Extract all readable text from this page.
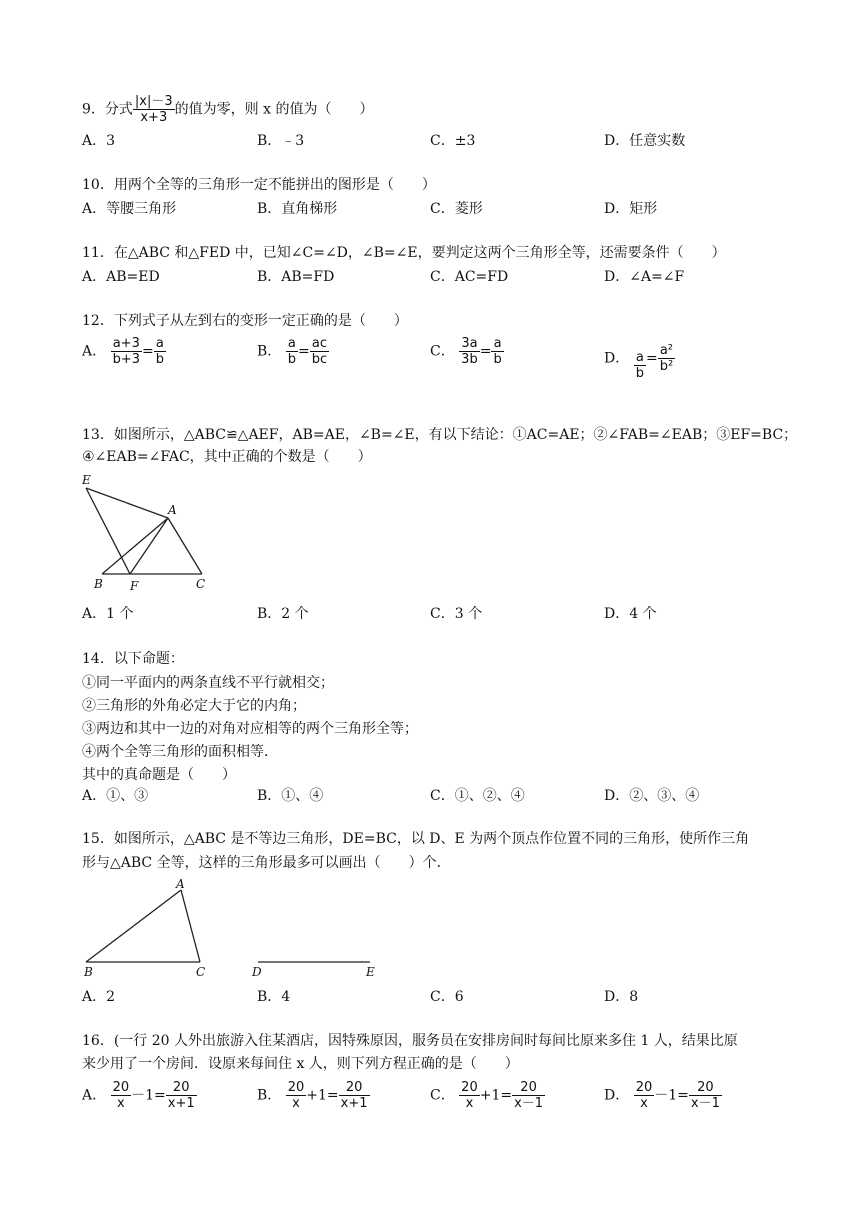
9．分式 $\frac{|x|-3}{x+3}$ 的值为零，则 x 的值为（　　）
A．3	B．﹣3	C．±3	D．任意实数
10．用两个全等的三角形一定不能拼出的图形是（　　）
A．等腰三角形	B．直角梯形	C．菱形	D．矩形
11．在△ABC 和△FED 中，已知∠C=∠D，∠B=∠E，要判定这两个三角形全等，还需要条件（　　）
A．AB=ED	B．AB=FD	C．AC=FD	D．∠A=∠F
12．下列式子从左到右的变形一定正确的是（　　）
A． $\frac{a+3}{b+3} = \frac{a}{b}$	B． $\frac{a}{b} = \frac{ac}{bc}$	C． $\frac{3a}{3b} = \frac{a}{b}$	D． $\frac{a}{b} = \frac{\text{a²}}{\text{b²}}$
13．如图所示，△ABC≌△AEF，AB=AE，∠B=∠E，有以下结论：①AC=AE；②∠FAB=∠EAB；③EF=BC；
④∠EAB=∠FAC，其中正确的个数是（　　）
E
A
B F	C
A．1 个	B．2 个	C．3 个	D．4 个
14．以下命题：
①同一平面内的两条直线不平行就相交；
②三角形的外角必定大于它的内角；
③两边和其中一边的对角对应相等的两个三角形全等；
④两个全等三角形的面积相等．
其中的真命题是（　　）
A．①、③	B．①、④	C．①、②、④	D．②、③、④
15．如图所示，△ABC 是不等边三角形，DE=BC，以 D、E 为两个顶点作位置不同的三角形，使所作三角
形与△ABC 全等，这样的三角形最多可以画出（　　）个．
A
B	C	D	E
A．2	B．4	C．6	D．8
16．(一行 20 人外出旅游入住某酒店，因特殊原因，服务员在安排房间时每间比原来多住 1 人，结果比原
来少用了一个房间．设原来每间住 x 人，则下列方程正确的是（　　）
A． $\frac{20}{x} -1= \frac{20}{x+1}$	B． $\frac{20}{x} +1= \frac{20}{x+1}$	C． $\frac{20}{x} +1= \frac{20}{x-1}$	D． $\frac{20}{x} -1= \frac{20}{x-1}$
